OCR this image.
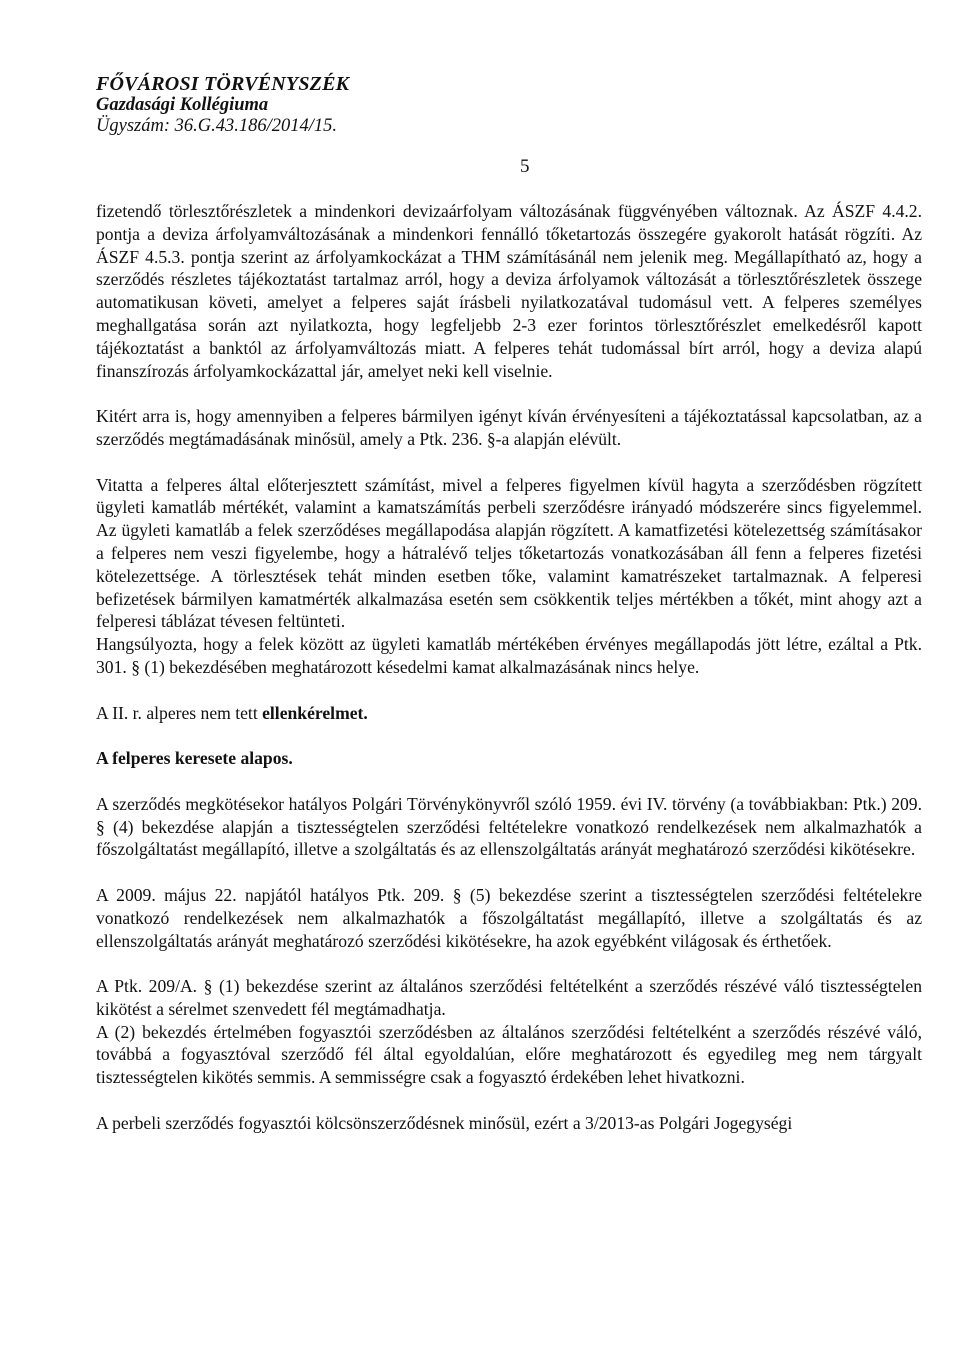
FŐVÁROSI TÖRVÉNYSZÉK
Gazdasági Kollégiuma
Ügyszám: 36.G.43.186/2014/15.
5

fizetendő törlesztőrészletek a mindenkori devizaárfolyam változásának függvényében változnak. Az ÁSZF 4.4.2. pontja a deviza árfolyamváltozásának a mindenkori fennálló tőketartozás összegére gyakorolt hatását rögzíti. Az ÁSZF 4.5.3. pontja szerint az árfolyamkockázat a THM számításánál nem jelenik meg. Megállapítható az, hogy a szerződés részletes tájékoztatást tartalmaz arról, hogy a deviza árfolyamok változását a törlesztőrészletek összege automatikusan követi, amelyet a felperes saját írásbeli nyilatkozatával tudomásul vett. A felperes személyes meghallgatása során azt nyilatkozta, hogy legfeljebb 2-3 ezer forintos törlesztőrészlet emelkedésről kapott tájékoztatást a banktól az árfolyamváltozás miatt. A felperes tehát tudomással bírt arról, hogy a deviza alapú finanszírozás árfolyamkockázattal jár, amelyet neki kell viselnie.

Kitért arra is, hogy amennyiben a felperes bármilyen igényt kíván érvényesíteni a tájékoztatással kapcsolatban, az a szerződés megtámadásának minősül, amely a Ptk. 236. §-a alapján elévült.

Vitatta a felperes által előterjesztett számítást, mivel a felperes figyelmen kívül hagyta a szerződésben rögzített ügyleti kamatláb mértékét, valamint a kamatszámítás perbeli szerződésre irányadó módszerére sincs figyelemmel. Az ügyleti kamatláb a felek szerződéses megállapodása alapján rögzített. A kamatfizetési kötelezettség számításakor a felperes nem veszi figyelembe, hogy a hátralévő teljes tőketartozás vonatkozásában áll fenn a felperes fizetési kötelezettsége. A törlesztések tehát minden esetben tőke, valamint kamatrészeket tartalmaznak. A felperesi befizetések bármilyen kamatmérték alkalmazása esetén sem csökkentik teljes mértékben a tőkét, mint ahogy azt a felperesi táblázat tévesen feltünteti.

Hangsúlyozta, hogy a felek között az ügyleti kamatláb mértékében érvényes megállapodás jött létre, ezáltal a Ptk. 301. § (1) bekezdésében meghatározott késedelmi kamat alkalmazásának nincs helye.

A II. r. alperes nem tett ellenkérelmet.

A felperes keresete alapos.

A szerződés megkötésekor hatályos Polgári Törvénykönyvről szóló 1959. évi IV. törvény (a továbbiakban: Ptk.) 209. § (4) bekezdése alapján a tisztességtelen szerződési feltételekre vonatkozó rendelkezések nem alkalmazhatók a főszolgáltatást megállapító, illetve a szolgáltatás és az ellenszolgáltatás arányát meghatározó szerződési kikötésekre.

A 2009. május 22. napjától hatályos Ptk. 209. § (5) bekezdése szerint a tisztességtelen szerződési feltételekre vonatkozó rendelkezések nem alkalmazhatók a főszolgáltatást megállapító, illetve a szolgáltatás és az ellenszolgáltatás arányát meghatározó szerződési kikötésekre, ha azok egyébként világosak és érthetőek.

A Ptk. 209/A. § (1) bekezdése szerint az általános szerződési feltételként a szerződés részévé váló tisztességtelen kikötést a sérelmet szenvedett fél megtámadhatja.

A (2) bekezdés értelmében fogyasztói szerződésben az általános szerződési feltételként a szerződés részévé váló, továbbá a fogyasztóval szerződő fél által egyoldalúan, előre meghatározott és egyedileg meg nem tárgyalt tisztességtelen kikötés semmis. A semmisségre csak a fogyasztó érdekében lehet hivatkozni.

A perbeli szerződés fogyasztói kölcsönszerződésnek minősül, ezért a 3/2013-as Polgári Jogegységi
